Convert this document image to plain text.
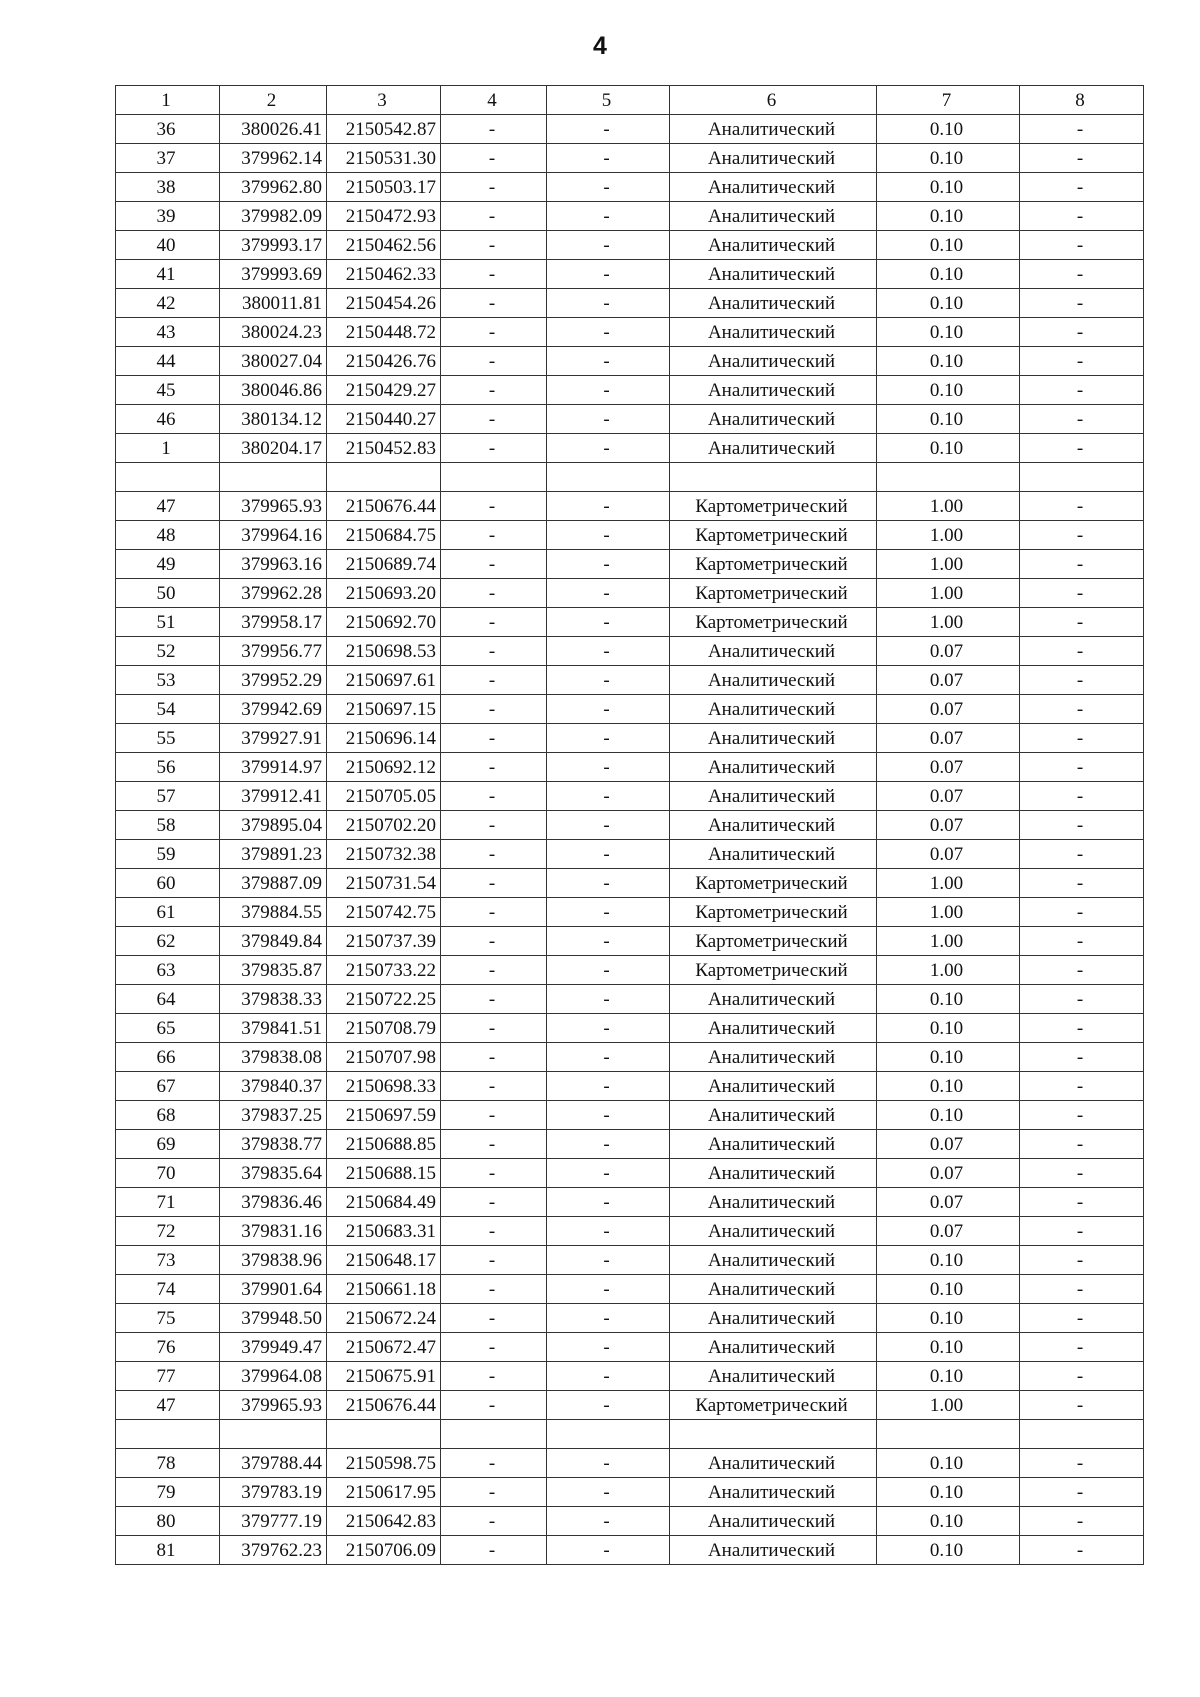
4
1	2	3	4	5	6	7	8
36	380026.41	2150542.87	-	-	Аналитический	0.10	-
37	379962.14	2150531.30	-	-	Аналитический	0.10	-
38	379962.80	2150503.17	-	-	Аналитический	0.10	-
39	379982.09	2150472.93	-	-	Аналитический	0.10	-
40	379993.17	2150462.56	-	-	Аналитический	0.10	-
41	379993.69	2150462.33	-	-	Аналитический	0.10	-
42	380011.81	2150454.26	-	-	Аналитический	0.10	-
43	380024.23	2150448.72	-	-	Аналитический	0.10	-
44	380027.04	2150426.76	-	-	Аналитический	0.10	-
45	380046.86	2150429.27	-	-	Аналитический	0.10	-
46	380134.12	2150440.27	-	-	Аналитический	0.10	-
1	380204.17	2150452.83	-	-	Аналитический	0.10	-

47	379965.93	2150676.44	-	-	Картометрический	1.00	-
48	379964.16	2150684.75	-	-	Картометрический	1.00	-
49	379963.16	2150689.74	-	-	Картометрический	1.00	-
50	379962.28	2150693.20	-	-	Картометрический	1.00	-
51	379958.17	2150692.70	-	-	Картометрический	1.00	-
52	379956.77	2150698.53	-	-	Аналитический	0.07	-
53	379952.29	2150697.61	-	-	Аналитический	0.07	-
54	379942.69	2150697.15	-	-	Аналитический	0.07	-
55	379927.91	2150696.14	-	-	Аналитический	0.07	-
56	379914.97	2150692.12	-	-	Аналитический	0.07	-
57	379912.41	2150705.05	-	-	Аналитический	0.07	-
58	379895.04	2150702.20	-	-	Аналитический	0.07	-
59	379891.23	2150732.38	-	-	Аналитический	0.07	-
60	379887.09	2150731.54	-	-	Картометрический	1.00	-
61	379884.55	2150742.75	-	-	Картометрический	1.00	-
62	379849.84	2150737.39	-	-	Картометрический	1.00	-
63	379835.87	2150733.22	-	-	Картометрический	1.00	-
64	379838.33	2150722.25	-	-	Аналитический	0.10	-
65	379841.51	2150708.79	-	-	Аналитический	0.10	-
66	379838.08	2150707.98	-	-	Аналитический	0.10	-
67	379840.37	2150698.33	-	-	Аналитический	0.10	-
68	379837.25	2150697.59	-	-	Аналитический	0.10	-
69	379838.77	2150688.85	-	-	Аналитический	0.07	-
70	379835.64	2150688.15	-	-	Аналитический	0.07	-
71	379836.46	2150684.49	-	-	Аналитический	0.07	-
72	379831.16	2150683.31	-	-	Аналитический	0.07	-
73	379838.96	2150648.17	-	-	Аналитический	0.10	-
74	379901.64	2150661.18	-	-	Аналитический	0.10	-
75	379948.50	2150672.24	-	-	Аналитический	0.10	-
76	379949.47	2150672.47	-	-	Аналитический	0.10	-
77	379964.08	2150675.91	-	-	Аналитический	0.10	-
47	379965.93	2150676.44	-	-	Картометрический	1.00	-

78	379788.44	2150598.75	-	-	Аналитический	0.10	-
79	379783.19	2150617.95	-	-	Аналитический	0.10	-
80	379777.19	2150642.83	-	-	Аналитический	0.10	-
81	379762.23	2150706.09	-	-	Аналитический	0.10	-
